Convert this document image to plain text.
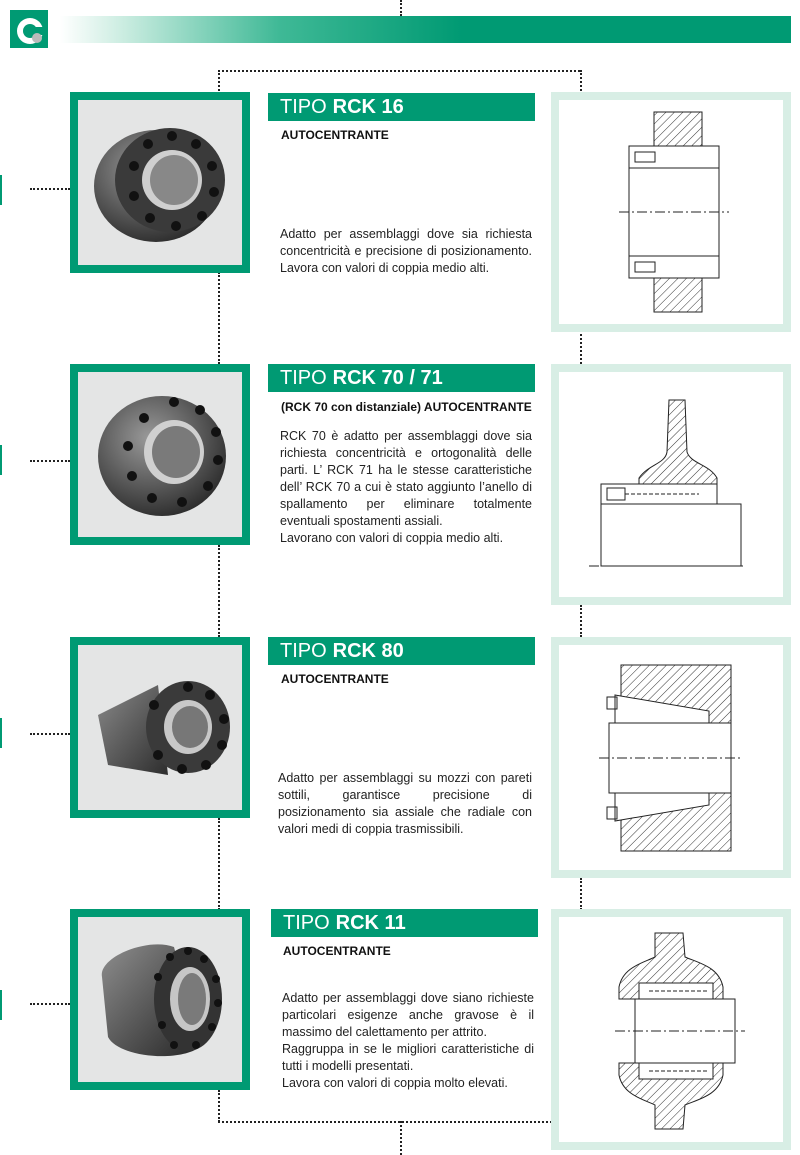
TIPO RCK 16
AUTOCENTRANTE

Adatto per assemblaggi dove sia richiesta concentricità e precisione di posizionamento. Lavora con valori di coppia medio alti.

TIPO RCK 70 / 71
(RCK 70 con distanziale) AUTOCENTRANTE

RCK 70 è adatto per assemblaggi dove sia richiesta concentricità e ortogonalità delle parti. L’ RCK 71 ha le stesse caratteristiche dell’ RCK 70 a cui è stato aggiunto l’anello di spallamento per eliminare totalmente eventuali spostamenti assiali.

Lavorano con valori di coppia medio alti.

TIPO RCK 80
AUTOCENTRANTE

Adatto per assemblaggi su mozzi con pareti sottili, garantisce precisione di posizionamento sia assiale che radiale con valori medi di coppia trasmissibili.

TIPO RCK 11
AUTOCENTRANTE

Adatto per assemblaggi dove siano richieste particolari esigenze anche gravose è il massimo del calettamento per attrito.

Raggruppa in se le migliori caratteristiche di tutti i modelli presentati.

Lavora con valori di coppia molto elevati.
